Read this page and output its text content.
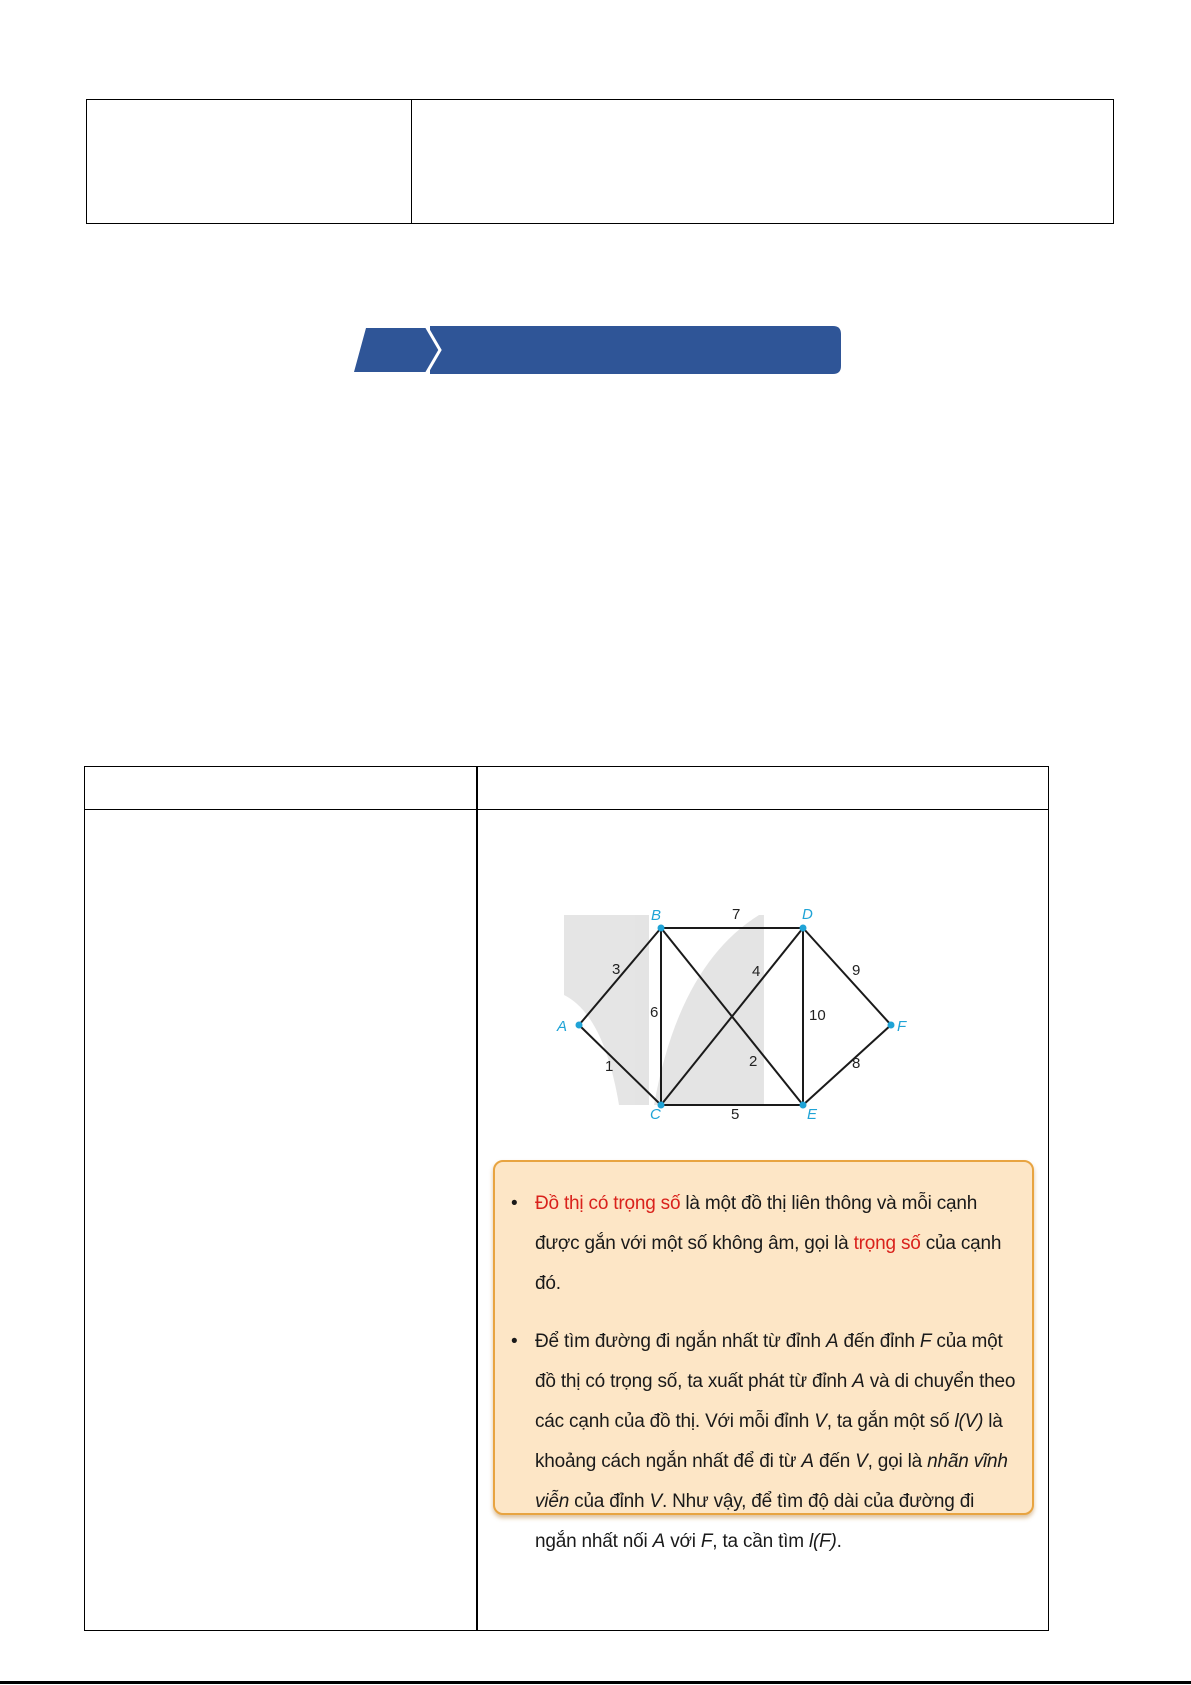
7
3	4
6
1	2
10
5
9
8
A
B
C
D
E
F
• Đồ thị có trọng số là một đồ thị liên thông và mỗi cạnh được gắn với một số không âm, gọi là trọng số của cạnh đó.
• Để tìm đường đi ngắn nhất từ đỉnh A đến đỉnh F của một đồ thị có trọng số, ta xuất phát từ đỉnh A và di chuyển theo các cạnh của đồ thị. Với mỗi đỉnh V, ta gắn một số l(V) là khoảng cách ngắn nhất để đi từ A đến V, gọi là nhãn vĩnh viễn của đỉnh V. Như vậy, để tìm độ dài của đường đi ngắn nhất nối A với F, ta cần tìm l(F).
